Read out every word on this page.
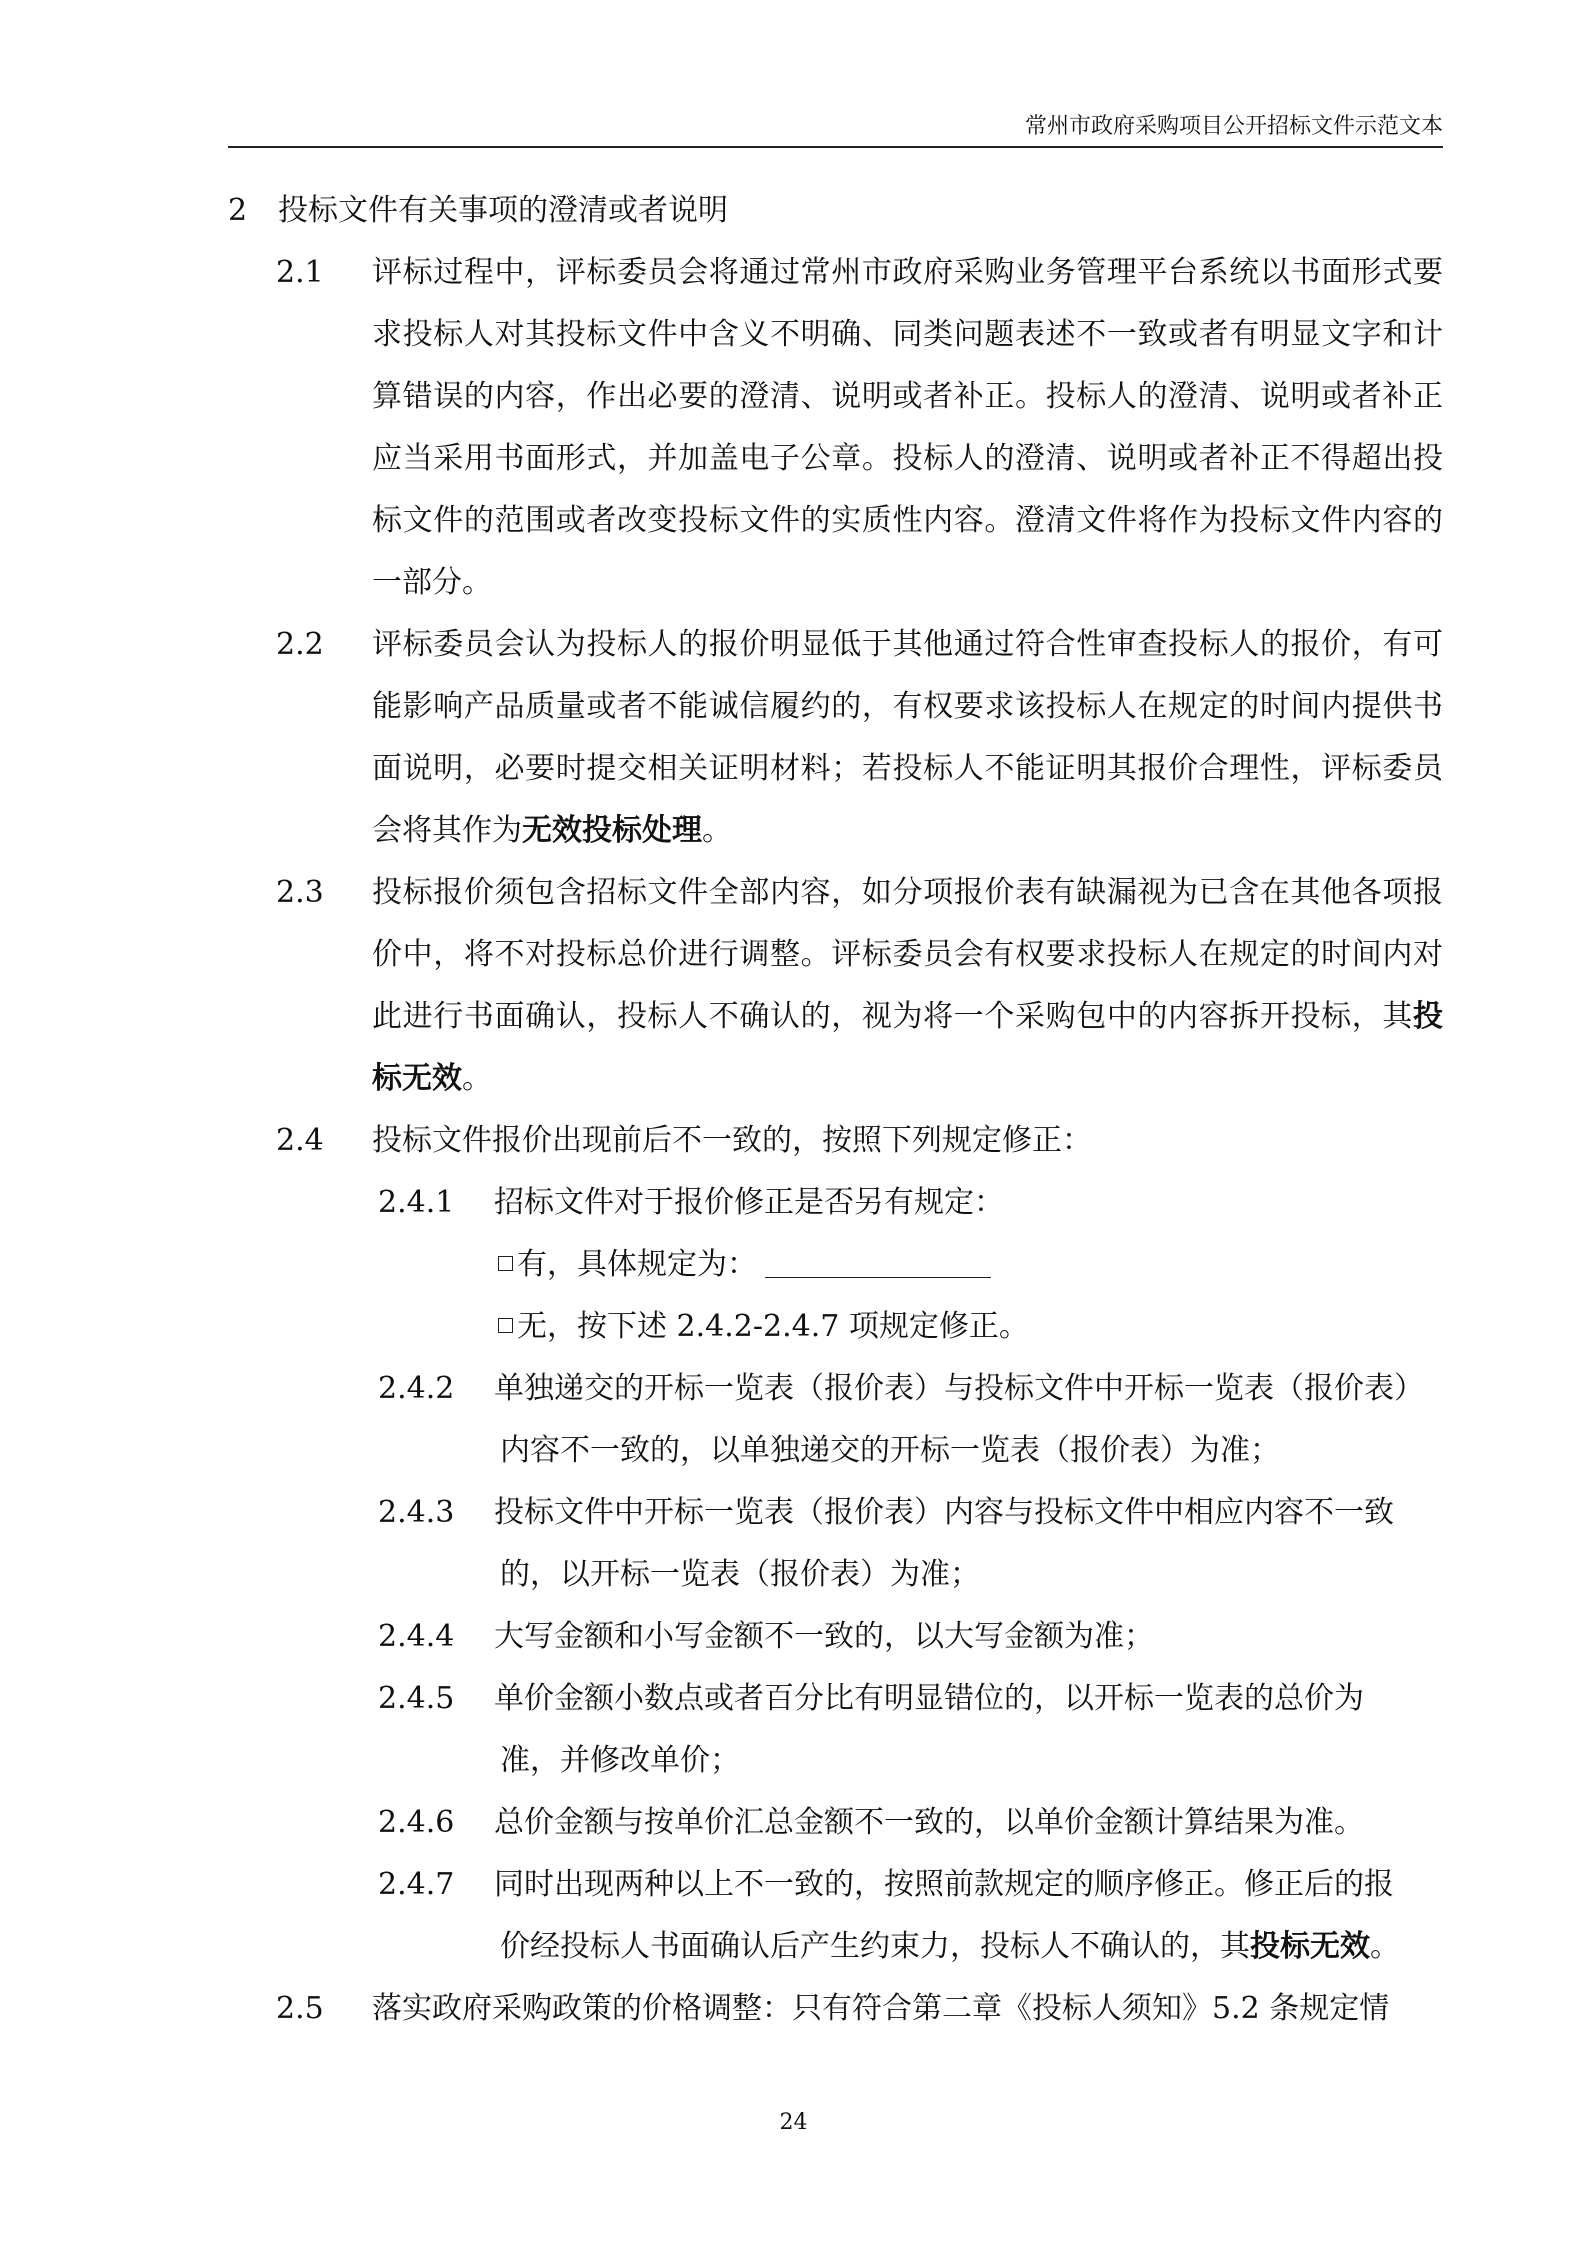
常州市政府采购项目公开招标文件示范文本
2	投标文件有关事项的澄清或者说明
2.1	评标过程中，评标委员会将通过常州市政府采购业务管理平台系统以书面形式要求投标人对其投标文件中含义不明确、同类问题表述不一致或者有明显文字和计算错误的内容，作出必要的澄清、说明或者补正。投标人的澄清、说明或者补正应当采用书面形式，并加盖电子公章。投标人的澄清、说明或者补正不得超出投标文件的范围或者改变投标文件的实质性内容。澄清文件将作为投标文件内容的一部分。
2.2	评标委员会认为投标人的报价明显低于其他通过符合性审查投标人的报价，有可能影响产品质量或者不能诚信履约的，有权要求该投标人在规定的时间内提供书面说明，必要时提交相关证明材料；若投标人不能证明其报价合理性，评标委员会将其作为无效投标处理。
2.3	投标报价须包含招标文件全部内容，如分项报价表有缺漏视为已含在其他各项报价中，将不对投标总价进行调整。评标委员会有权要求投标人在规定的时间内对此进行书面确认，投标人不确认的，视为将一个采购包中的内容拆开投标，其投标无效。
2.4	投标文件报价出现前后不一致的，按照下列规定修正：
2.4.1	招标文件对于报价修正是否另有规定：
有，具体规定为：
无，按下述 2.4.2-2.4.7 项规定修正。
2.4.2	单独递交的开标一览表（报价表）与投标文件中开标一览表（报价表）
内容不一致的，以单独递交的开标一览表（报价表）为准；
2.4.3	投标文件中开标一览表（报价表）内容与投标文件中相应内容不一致
的，以开标一览表（报价表）为准；
2.4.4	大写金额和小写金额不一致的，以大写金额为准；
2.4.5	单价金额小数点或者百分比有明显错位的，以开标一览表的总价为
准，并修改单价；
2.4.6	总价金额与按单价汇总金额不一致的，以单价金额计算结果为准。
2.4.7	同时出现两种以上不一致的，按照前款规定的顺序修正。修正后的报
价经投标人书面确认后产生约束力，投标人不确认的，其投标无效。
2.5	落实政府采购政策的价格调整：只有符合第二章《投标人须知》5.2 条规定情
24
